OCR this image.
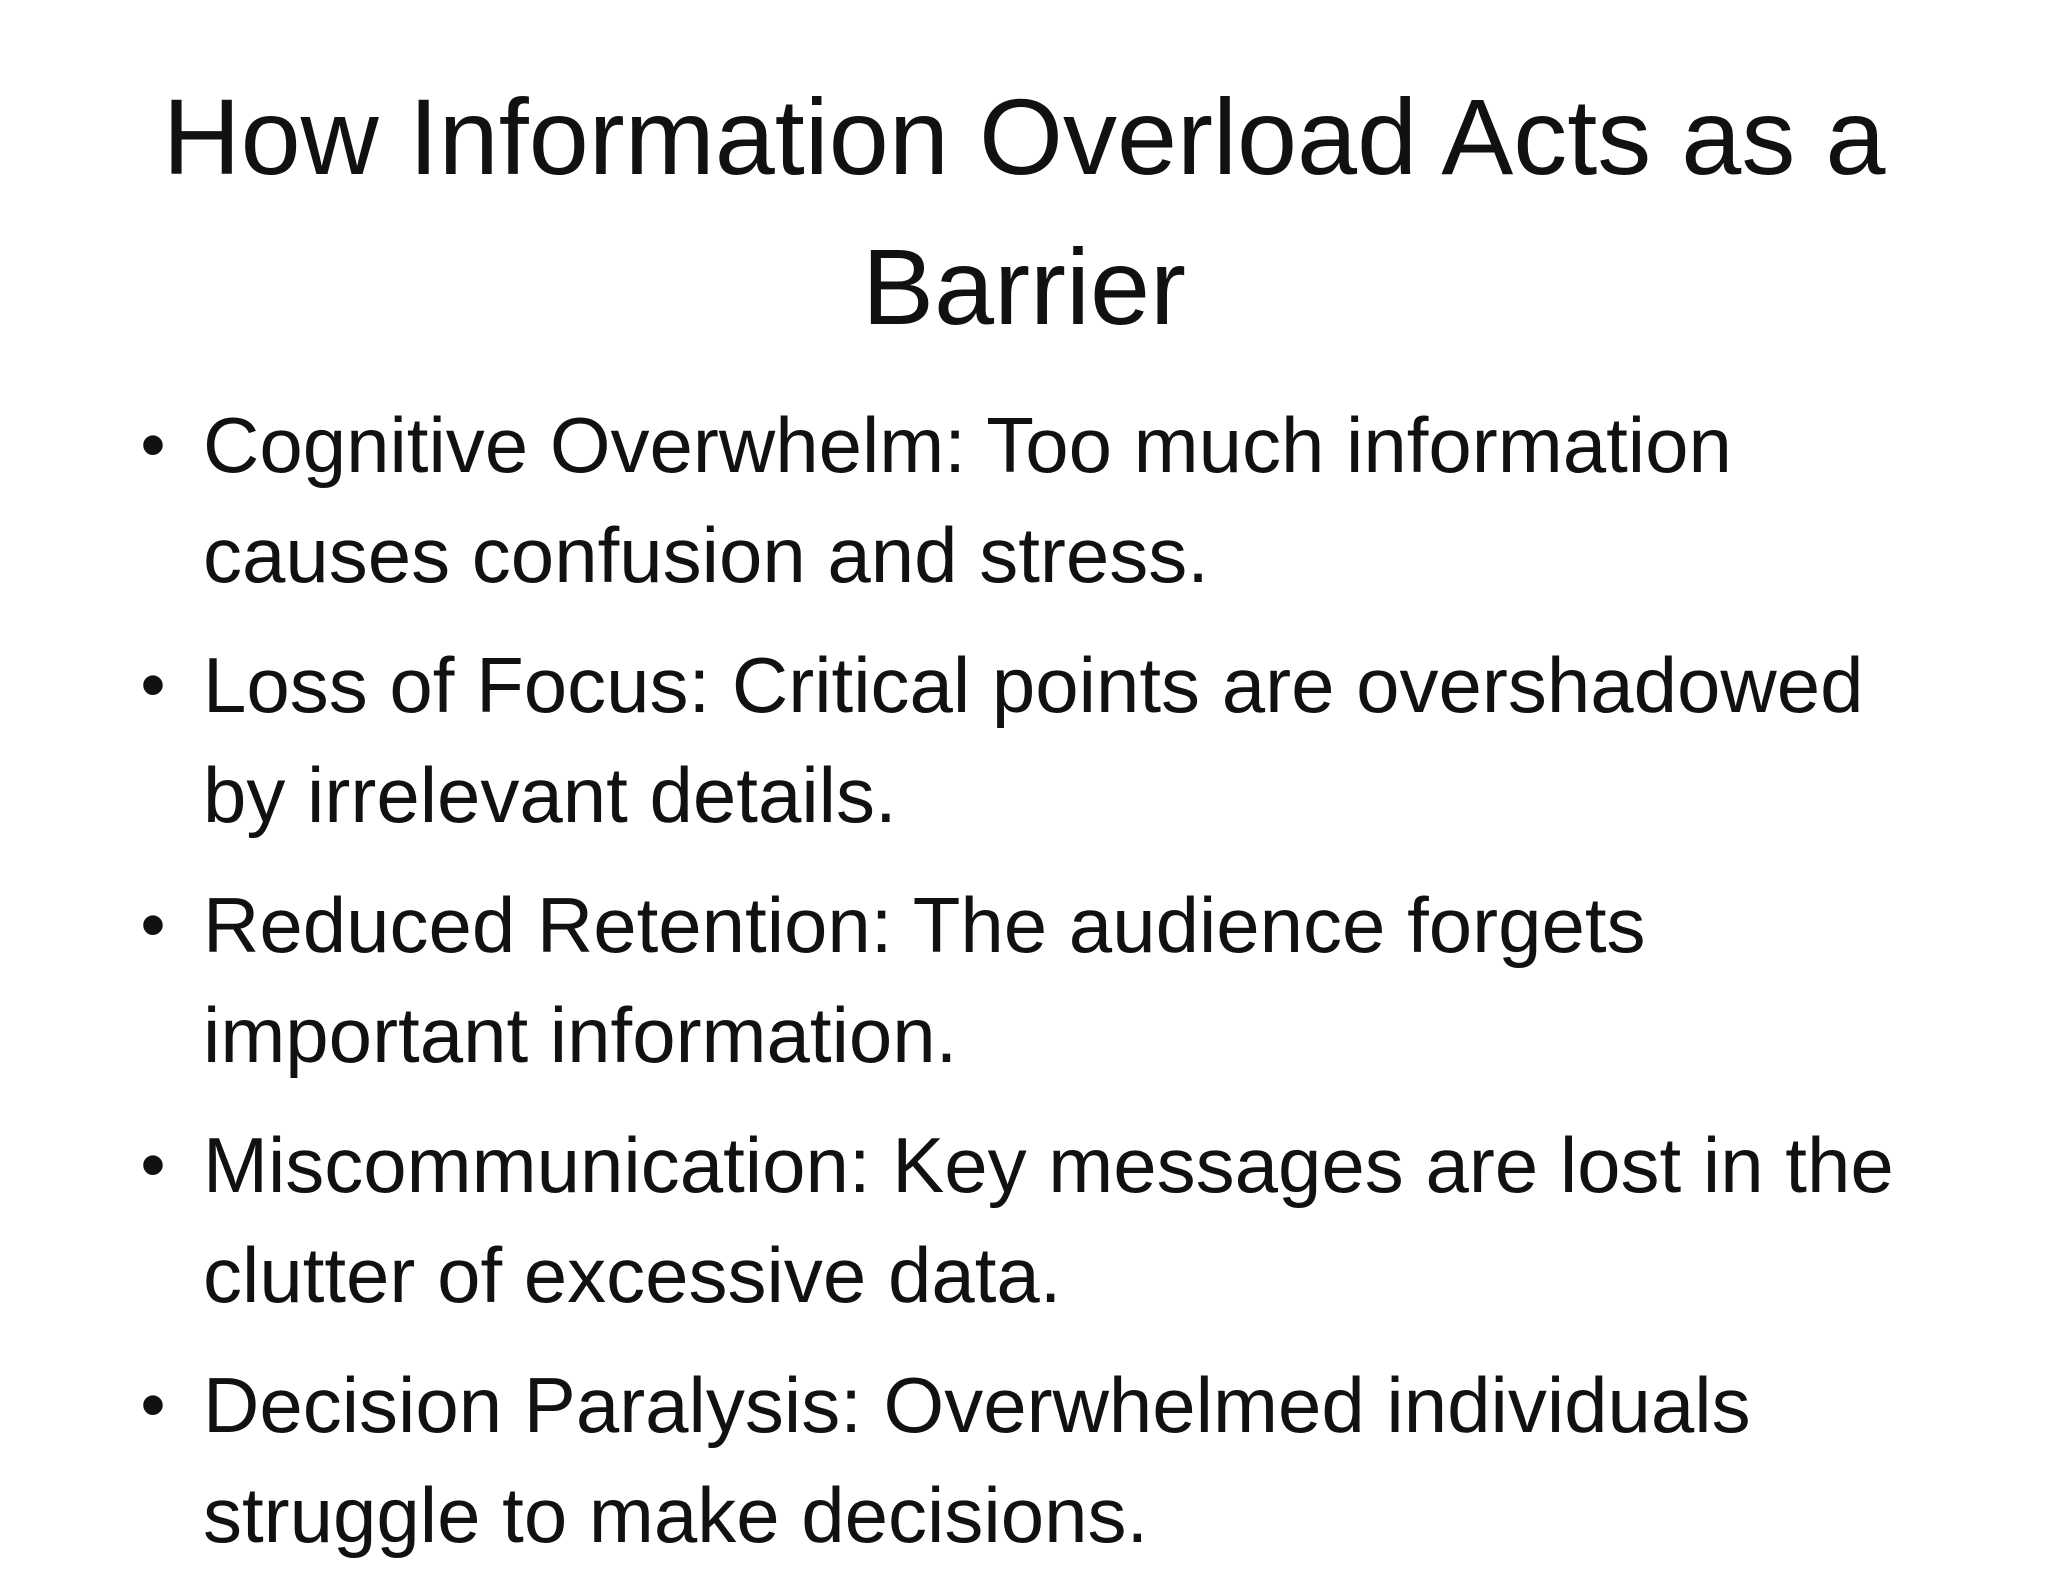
How Information Overload Acts as a Barrier
• Cognitive Overwhelm: Too much information causes confusion and stress.
• Loss of Focus: Critical points are overshadowed by irrelevant details.
• Reduced Retention: The audience forgets important information.
• Miscommunication: Key messages are lost in the clutter of excessive data.
• Decision Paralysis: Overwhelmed individuals struggle to make decisions.
